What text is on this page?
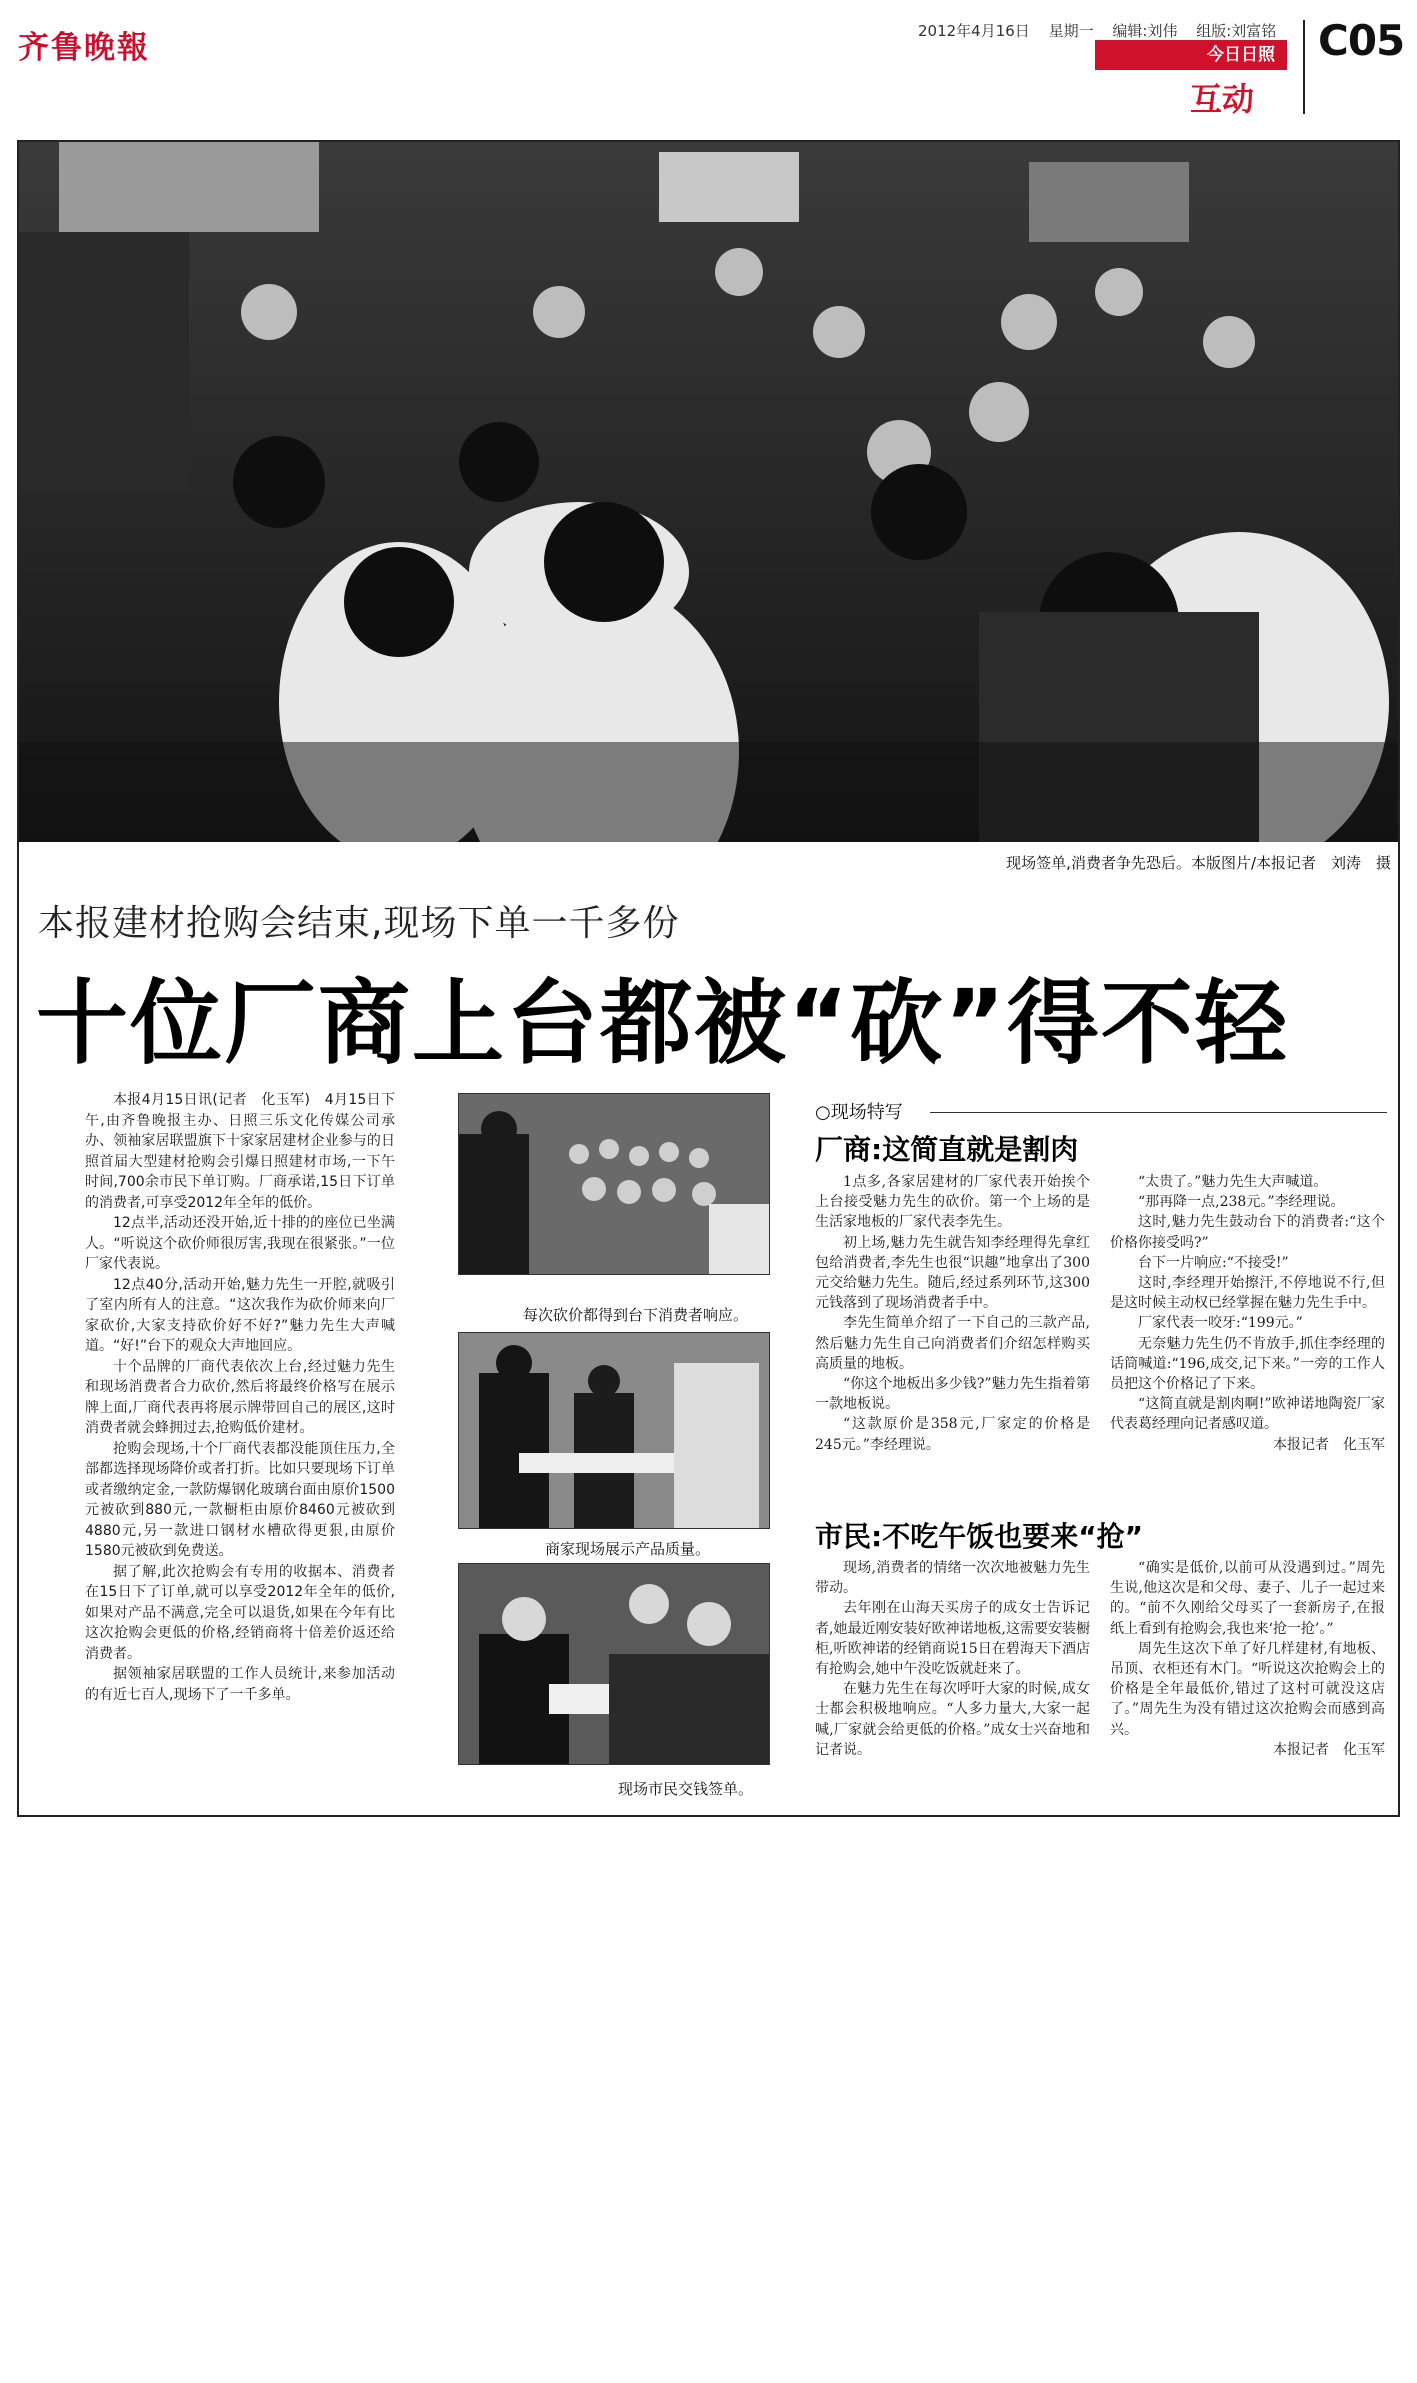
齐鲁晚報	2012年4月16日 星期一 编辑:刘伟 组版:刘富铭
今日日照
互动
C05
现场签单,消费者争先恐后。本版图片/本报记者　刘涛　摄
本报建材抢购会结束,现场下单一千多份
十位厂商上台都被“砍”得不轻

本报4月15日讯(记者　化玉军)　4月15日下午,由齐鲁晚报主办、日照三乐文化传媒公司承办、领袖家居联盟旗下十家家居建材企业参与的日照首届大型建材抢购会引爆日照建材市场,一下午时间,700余市民下单订购。厂商承诺,15日下订单的消费者,可享受2012年全年的低价。

12点半,活动还没开始,近十排的的座位已坐满人。“听说这个砍价师很厉害,我现在很紧张。”一位厂家代表说。

12点40分,活动开始,魅力先生一开腔,就吸引了室内所有人的注意。“这次我作为砍价师来向厂家砍价,大家支持砍价好不好?”魅力先生大声喊道。“好!”台下的观众大声地回应。

十个品牌的厂商代表依次上台,经过魅力先生和现场消费者合力砍价,然后将最终价格写在展示牌上面,厂商代表再将展示牌带回自己的展区,这时消费者就会蜂拥过去,抢购低价建材。

抢购会现场,十个厂商代表都没能顶住压力,全部都选择现场降价或者打折。比如只要现场下订单或者缴纳定金,一款防爆钢化玻璃台面由原价1500元被砍到880元,一款橱柜由原价8460元被砍到4880元,另一款进口钢材水槽砍得更狠,由原价1580元被砍到免费送。

据了解,此次抢购会有专用的收据本、消费者在15日下了订单,就可以享受2012年全年的低价,如果对产品不满意,完全可以退货,如果在今年有比这次抢购会更低的价格,经销商将十倍差价返还给消费者。

据领袖家居联盟的工作人员统计,来参加活动的有近七百人,现场下了一千多单。

每次砍价都得到台下消费者响应。
商家现场展示产品质量。
现场市民交钱签单。
○现场特写
厂商:这简直就是割肉

1点多,各家居建材的厂家代表开始挨个上台接受魅力先生的砍价。第一个上场的是生活家地板的厂家代表李先生。

初上场,魅力先生就告知李经理得先拿红包给消费者,李先生也很“识趣”地拿出了300元交给魅力先生。随后,经过系列环节,这300元钱落到了现场消费者手中。

李先生简单介绍了一下自己的三款产品,然后魅力先生自己向消费者们介绍怎样购买高质量的地板。

“你这个地板出多少钱?”魅力先生指着第一款地板说。

“这款原价是358元,厂家定的价格是245元。”李经理说。

“太贵了。”魅力先生大声喊道。

“那再降一点,238元。”李经理说。

这时,魅力先生鼓动台下的消费者:“这个价格你接受吗?”

台下一片响应:“不接受!”

这时,李经理开始擦汗,不停地说不行,但是这时候主动权已经掌握在魅力先生手中。

厂家代表一咬牙:“199元。”

无奈魅力先生仍不肯放手,抓住李经理的话筒喊道:“196,成交,记下来。”一旁的工作人员把这个价格记了下来。

“这简直就是割肉啊!”欧神诺地陶瓷厂家代表葛经理向记者感叹道。

本报记者　化玉军
市民:不吃午饭也要来“抢”

现场,消费者的情绪一次次地被魅力先生带动。

去年刚在山海天买房子的成女士告诉记者,她最近刚安装好欧神诺地板,这需要安装橱柜,听欧神诺的经销商说15日在碧海天下酒店有抢购会,她中午没吃饭就赶来了。

在魅力先生在每次呼吁大家的时候,成女士都会积极地响应。“人多力量大,大家一起喊,厂家就会给更低的价格。”成女士兴奋地和记者说。

“确实是低价,以前可从没遇到过。”周先生说,他这次是和父母、妻子、儿子一起过来的。“前不久刚给父母买了一套新房子,在报纸上看到有抢购会,我也来‘抢一抢’。”

周先生这次下单了好几样建材,有地板、吊顶、衣柜还有木门。“听说这次抢购会上的价格是全年最低价,错过了这村可就没这店了。”周先生为没有错过这次抢购会而感到高兴。

本报记者　化玉军
